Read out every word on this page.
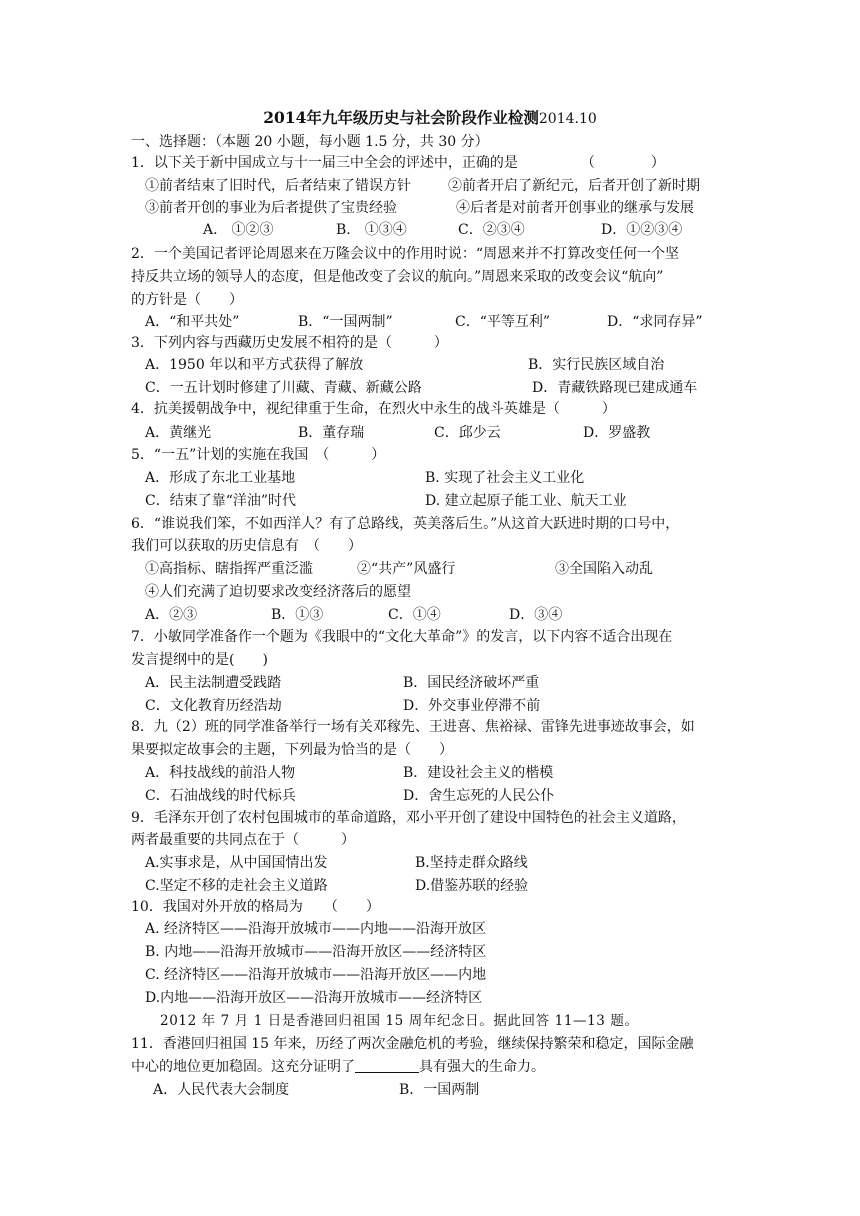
2014年九年级历史与社会阶段作业检测2014.10
一、选择题：（本题 20 小题，每小题 1.5 分，共 30 分）
1．以下关于新中国成立与十一届三中全会的评述中，正确的是　　　　　（　　　　）
①前者结束了旧时代，后者结束了错误方针	②前者开启了新纪元，后者开创了新时期
③前者开创的事业为后者提供了宝贵经验	④后者是对前者开创事业的继承与发展
A.　①②③	B.　①③④	C．②③④	D．①②③④
2．一个美国记者评论周恩来在万隆会议中的作用时说：“周恩来并不打算改变任何一个坚
持反共立场的领导人的态度，但是他改变了会议的航向。”周恩来采取的改变会议“航向”
的方针是（　　）
A．“和平共处”	B．“一国两制”	C．“平等互利”	D．“求同存异”
3．下列内容与西藏历史发展不相符的是（　　　）
A．1950 年以和平方式获得了解放	B．实行民族区域自治
C．一五计划时修建了川藏、青藏、新藏公路	D．青藏铁路现已建成通车
4．抗美援朝战争中，视纪律重于生命，在烈火中永生的战斗英雄是（　　　）
A．黄继光	B．董存瑞	C．邱少云	D．罗盛教
5．“一五”计划的实施在我国　（　　　）
A．形成了东北工业基地	B. 实现了社会主义工业化
C．结束了靠“洋油”时代	D. 建立起原子能工业、航天工业
6．“谁说我们笨，不如西洋人？有了总路线，英美落后生。”从这首大跃进时期的口号中，
我们可以获取的历史信息有　（　　）
①高指标、瞎指挥严重泛滥	②“共产”风盛行	③全国陷入动乱
④人们充满了迫切要求改变经济落后的愿望
A．②③	B．①③	C．①④	D．③④
7．小敏同学准备作一个题为《我眼中的“文化大革命”》的发言，以下内容不适合出现在
发言提纲中的是(　　)
A．民主法制遭受践踏	B．国民经济破坏严重
C．文化教育历经浩劫	D．外交事业停滞不前
8．九（2）班的同学准备举行一场有关邓稼先、王进喜、焦裕禄、雷锋先进事迹故事会，如
果要拟定故事会的主题，下列最为恰当的是（　　）
A．科技战线的前沿人物	B．建设社会主义的楷模
C．石油战线的时代标兵	D．舍生忘死的人民公仆
9．毛泽东开创了农村包围城市的革命道路，邓小平开创了建设中国特色的社会主义道路，
两者最重要的共同点在于（　　　）
A.实事求是，从中国国情出发	B.坚持走群众路线
C.坚定不移的走社会主义道路	D.借鉴苏联的经验
10．我国对外开放的格局为　　（　　）
A. 经济特区——沿海开放城市——内地——沿海开放区
B. 内地——沿海开放城市——沿海开放区——经济特区
C. 经济特区——沿海开放城市——沿海开放区——内地
D.内地——沿海开放区——沿海开放城市——经济特区
2012 年 7 月 1 日是香港回归祖国 15 周年纪念日。据此回答 11—13 题。
11．香港回归祖国 15 年来，历经了两次金融危机的考验，继续保持繁荣和稳定，国际金融
中心的地位更加稳固。这充分证明了	具有强大的生命力。
A．人民代表大会制度	B．一国两制
